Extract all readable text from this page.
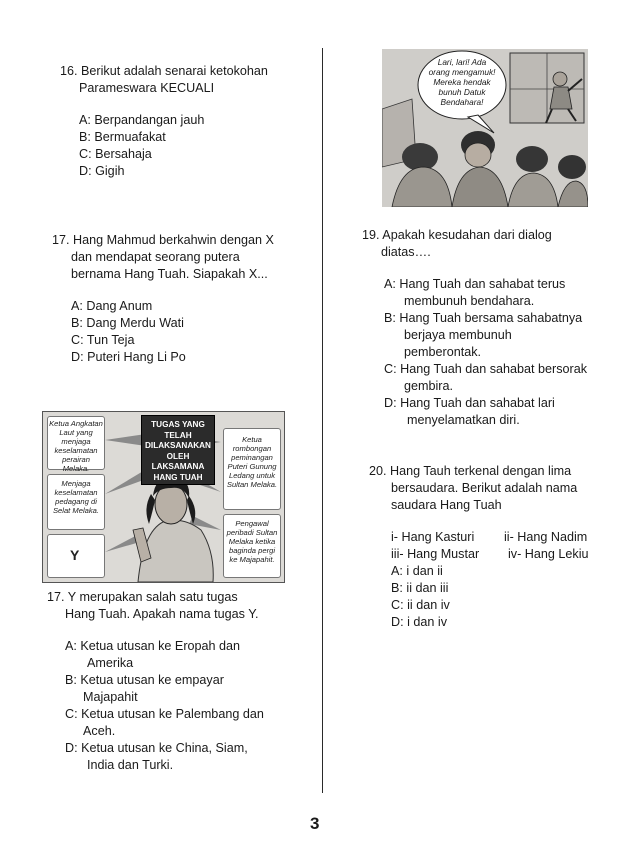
16. Berikut adalah senarai ketokohan
Parameswara KECUALI
A: Berpandangan jauh
B: Bermuafakat
C: Bersahaja
D: Gigih
17. Hang Mahmud berkahwin dengan X
dan mendapat seorang putera
bernama Hang Tuah. Siapakah X...
A: Dang Anum
B: Dang Merdu Wati
C: Tun Teja
D: Puteri Hang Li Po
TUGAS YANG TELAH DILAKSANAKAN OLEH LAKSAMANA HANG TUAH
Ketua Angkatan Laut yang menjaga keselamatan perairan Melaka.
Menjaga keselamatan pedagang di Selat Melaka.
Y
Ketua rombongan peminangan Puteri Gunung Ledang untuk Sultan Melaka.
Pengawal peribadi Sultan Melaka ketika baginda pergi ke Majapahit.
17. Y merupakan salah satu tugas
Hang Tuah. Apakah nama tugas Y.
A: Ketua utusan ke Eropah dan
Amerika
B: Ketua utusan ke empayar
Majapahit
C: Ketua utusan ke Palembang dan
Aceh.
D: Ketua utusan ke China, Siam,
India dan Turki.
Lari, lari! Ada orang mengamuk! Mereka hendak bunuh Datuk Bendahara!
19. Apakah kesudahan dari dialog
diatas….
A: Hang Tuah dan sahabat terus
membunuh bendahara.
B: Hang Tuah bersama sahabatnya
berjaya membunuh
pemberontak.
C: Hang Tuah dan sahabat bersorak
gembira.
D: Hang Tuah dan sahabat lari
menyelamatkan diri.
20. Hang Tauh terkenal dengan lima
bersaudara. Berikut adalah nama
saudara Hang Tuah
i- Hang Kasturi ii- Hang Nadim
iii- Hang Mustar iv- Hang Lekiu
A: i dan ii
B: ii dan iii
C: ii dan iv
D: i dan iv
3
